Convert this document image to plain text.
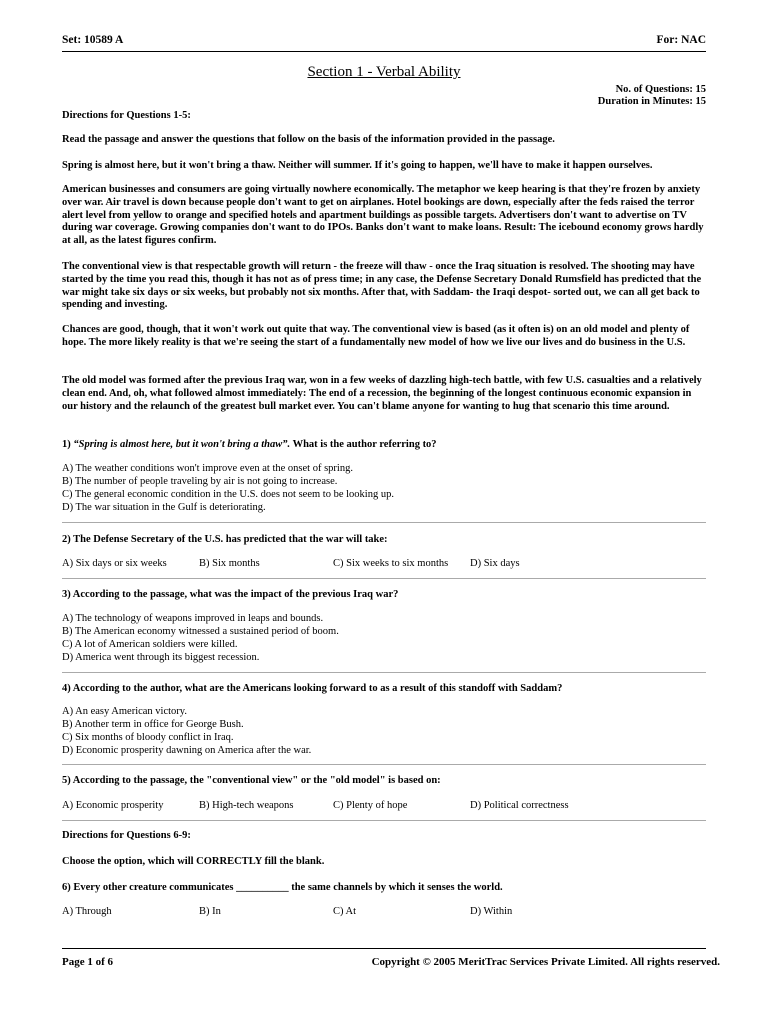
Set: 10589 A	For: NAC
Section 1 - Verbal Ability
No. of Questions: 15
Duration in Minutes: 15
Directions for Questions 1-5:
Read the passage and answer the questions that follow on the basis of the information provided in the passage.
Spring is almost here, but it won't bring a thaw. Neither will summer. If it's going to happen, we'll have to make it happen ourselves.
American businesses and consumers are going virtually nowhere economically. The metaphor we keep hearing is that they're frozen by anxiety over war. Air travel is down because people don't want to get on airplanes. Hotel bookings are down, especially after the feds raised the terror alert level from yellow to orange and specified hotels and apartment buildings as possible targets. Advertisers don't want to advertise on TV during war coverage. Growing companies don't want to do IPOs. Banks don't want to make loans. Result: The icebound economy grows hardly at all, as the latest figures confirm.
The conventional view is that respectable growth will return - the freeze will thaw - once the Iraq situation is resolved. The shooting may have started by the time you read this, though it has not as of press time; in any case, the Defense Secretary Donald Rumsfield has predicted that the war might take six days or six weeks, but probably not six months. After that, with Saddam- the Iraqi despot- sorted out, we can all get back to spending and investing.
Chances are good, though, that it won't work out quite that way. The conventional view is based (as it often is) on an old model and plenty of hope. The more likely reality is that we're seeing the start of a fundamentally new model of how we live our lives and do business in the U.S.
The old model was formed after the previous Iraq war, won in a few weeks of dazzling high-tech battle, with few U.S. casualties and a relatively clean end. And, oh, what followed almost immediately: The end of a recession, the beginning of the longest continuous economic expansion in our history and the relaunch of the greatest bull market ever. You can't blame anyone for wanting to hug that scenario this time around.
1) “Spring is almost here, but it won't bring a thaw”. What is the author referring to?
A) The weather conditions won't improve even at the onset of spring.
B) The number of people traveling by air is not going to increase.
C) The general economic condition in the U.S. does not seem to be looking up.
D) The war situation in the Gulf is deteriorating.
2) The Defense Secretary of the U.S. has predicted that the war will take:
A) Six days or six weeks	B) Six months	C) Six weeks to six months D) Six days
3) According to the passage, what was the impact of the previous Iraq war?
A) The technology of weapons improved in leaps and bounds.
B) The American economy witnessed a sustained period of boom.
C) A lot of American soldiers were killed.
D) America went through its biggest recession.
4) According to the author, what are the Americans looking forward to as a result of this standoff with Saddam?
A) An easy American victory.
B) Another term in office for George Bush.
C) Six months of bloody conflict in Iraq.
D) Economic prosperity dawning on America after the war.
5) According to the passage, the "conventional view" or the "old model" is based on:
A) Economic prosperity	B) High-tech weapons	C) Plenty of hope	D) Political correctness
Directions for Questions 6-9:
Choose the option, which will CORRECTLY fill the blank.
6) Every other creature communicates __________ the same channels by which it senses the world.
A) Through	B) In	C) At	D) Within
Page 1 of 6	Copyright © 2005 MeritTrac Services Private Limited. All rights reserved.
